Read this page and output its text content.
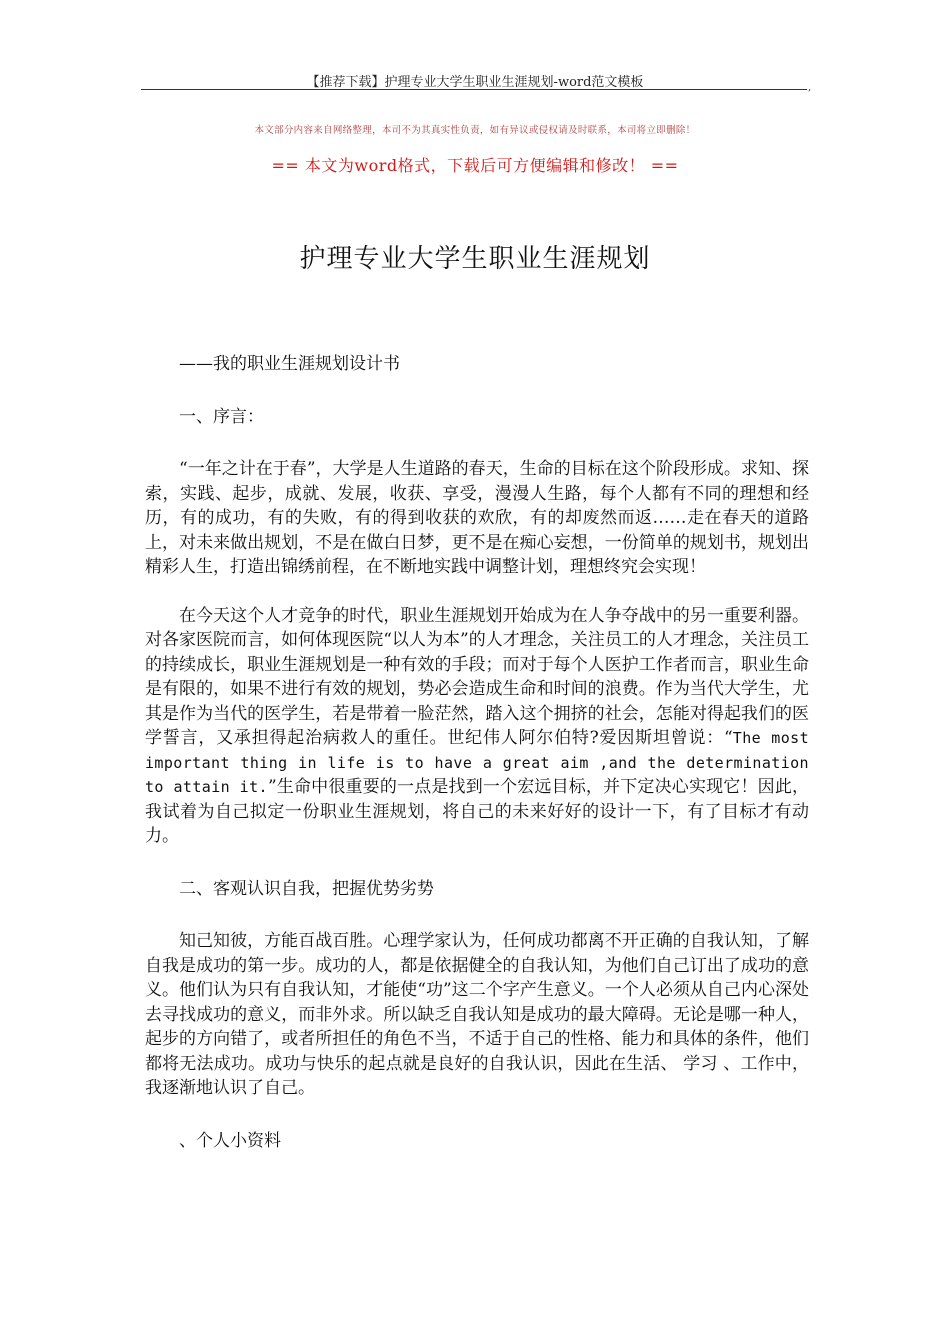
【推荐下载】护理专业大学生职业生涯规划-word范文模板	,
本文部分内容来自网络整理，本司不为其真实性负责，如有异议或侵权请及时联系，本司将立即删除！
== 本文为word格式，下载后可方便编辑和修改！ ==
护理专业大学生职业生涯规划

——我的职业生涯规划设计书

一、序言：

“一年之计在于春”，大学是人生道路的春天，生命的目标在这个阶段形成。求知、探索，实践、起步，成就、发展，收获、享受，漫漫人生路，每个人都有不同的理想和经历，有的成功，有的失败，有的得到收获的欢欣，有的却废然而返……走在春天的道路上，对未来做出规划，不是在做白日梦，更不是在痴心妄想，一份简单的规划书，规划出精彩人生，打造出锦绣前程，在不断地实践中调整计划，理想终究会实现！

在今天这个人才竞争的时代，职业生涯规划开始成为在人争夺战中的另一重要利器。对各家医院而言，如何体现医院“以人为本”的人才理念，关注员工的人才理念，关注员工的持续成长，职业生涯规划是一种有效的手段；而对于每个人医护工作者而言，职业生命是有限的，如果不进行有效的规划，势必会造成生命和时间的浪费。作为当代大学生，尤其是作为当代的医学生，若是带着一脸茫然，踏入这个拥挤的社会，怎能对得起我们的医学誓言，又承担得起治病救人的重任。世纪伟人阿尔伯特?爱因斯坦曾说：“The most important thing in life is to have a great aim ,and the determination to attain it.”生命中很重要的一点是找到一个宏远目标，并下定决心实现它！因此，我试着为自己拟定一份职业生涯规划，将自己的未来好好的设计一下，有了目标才有动力。

二、客观认识自我，把握优势劣势

知己知彼，方能百战百胜。心理学家认为，任何成功都离不开正确的自我认知，了解自我是成功的第一步。成功的人，都是依据健全的自我认知，为他们自己订出了成功的意义。他们认为只有自我认知，才能使“功”这二个字产生意义。一个人必须从自己内心深处去寻找成功的意义，而非外求。所以缺乏自我认知是成功的最大障碍。无论是哪一种人，起步的方向错了，或者所担任的角色不当，不适于自己的性格、能力和具体的条件，他们都将无法成功。成功与快乐的起点就是良好的自我认识，因此在生活、 学习 、工作中，我逐渐地认识了自己。

、个人小资料
